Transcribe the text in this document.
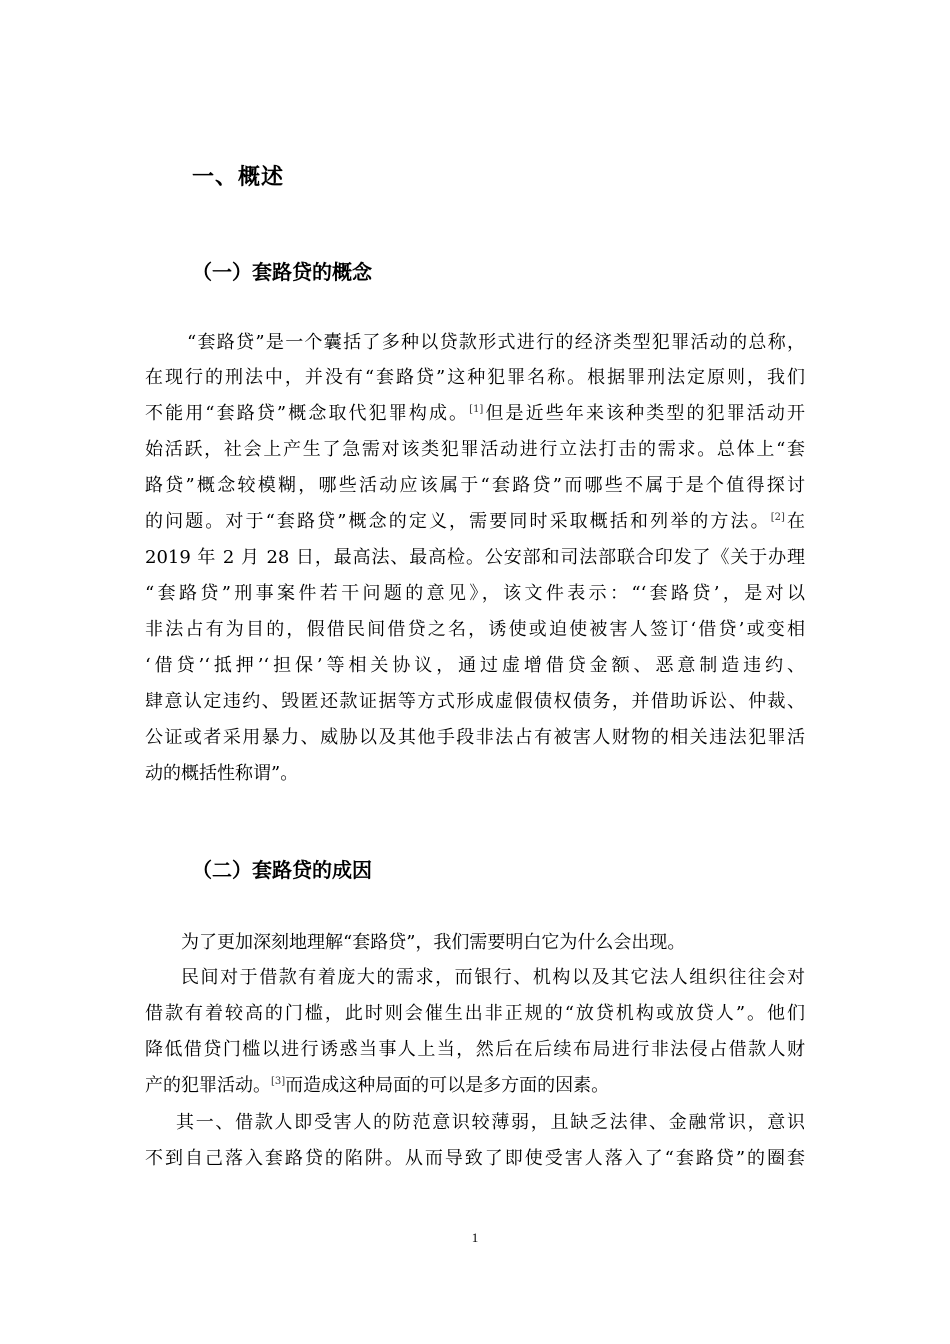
一、概述
（一）套路贷的概念
“套路贷”是一个囊括了多种以贷款形式进行的经济类型犯罪活动的总称，
在现行的刑法中，并没有“套路贷”这种犯罪名称。根据罪刑法定原则，我们
不能用“套路贷”概念取代犯罪构成。[1]但是近些年来该种类型的犯罪活动开
始活跃，社会上产生了急需对该类犯罪活动进行立法打击的需求。总体上“套
路贷”概念较模糊，哪些活动应该属于“套路贷”而哪些不属于是个值得探讨
的问题。对于“套路贷”概念的定义，需要同时采取概括和列举的方法。[2]在
2019 年 2 月 28 日，最高法、最高检。公安部和司法部联合印发了《关于办理
“套路贷”刑事案件若干问题的意见》，该文件表示：“‘套路贷’，是对以
非法占有为目的，假借民间借贷之名，诱使或迫使被害人签订‘借贷’或变相
‘借贷’‘抵押’‘担保’等相关协议，通过虚增借贷金额、恶意制造违约、
肆意认定违约、毁匿还款证据等方式形成虚假债权债务，并借助诉讼、仲裁、
公证或者采用暴力、威胁以及其他手段非法占有被害人财物的相关违法犯罪活
动的概括性称谓”。
（二）套路贷的成因
为了更加深刻地理解“套路贷”，我们需要明白它为什么会出现。
民间对于借款有着庞大的需求，而银行、机构以及其它法人组织往往会对
借款有着较高的门槛，此时则会催生出非正规的“放贷机构或放贷人”。他们
降低借贷门槛以进行诱惑当事人上当，然后在后续布局进行非法侵占借款人财
产的犯罪活动。[3]而造成这种局面的可以是多方面的因素。
其一、借款人即受害人的防范意识较薄弱，且缺乏法律、金融常识，意识
不到自己落入套路贷的陷阱。从而导致了即使受害人落入了“套路贷”的圈套
1
